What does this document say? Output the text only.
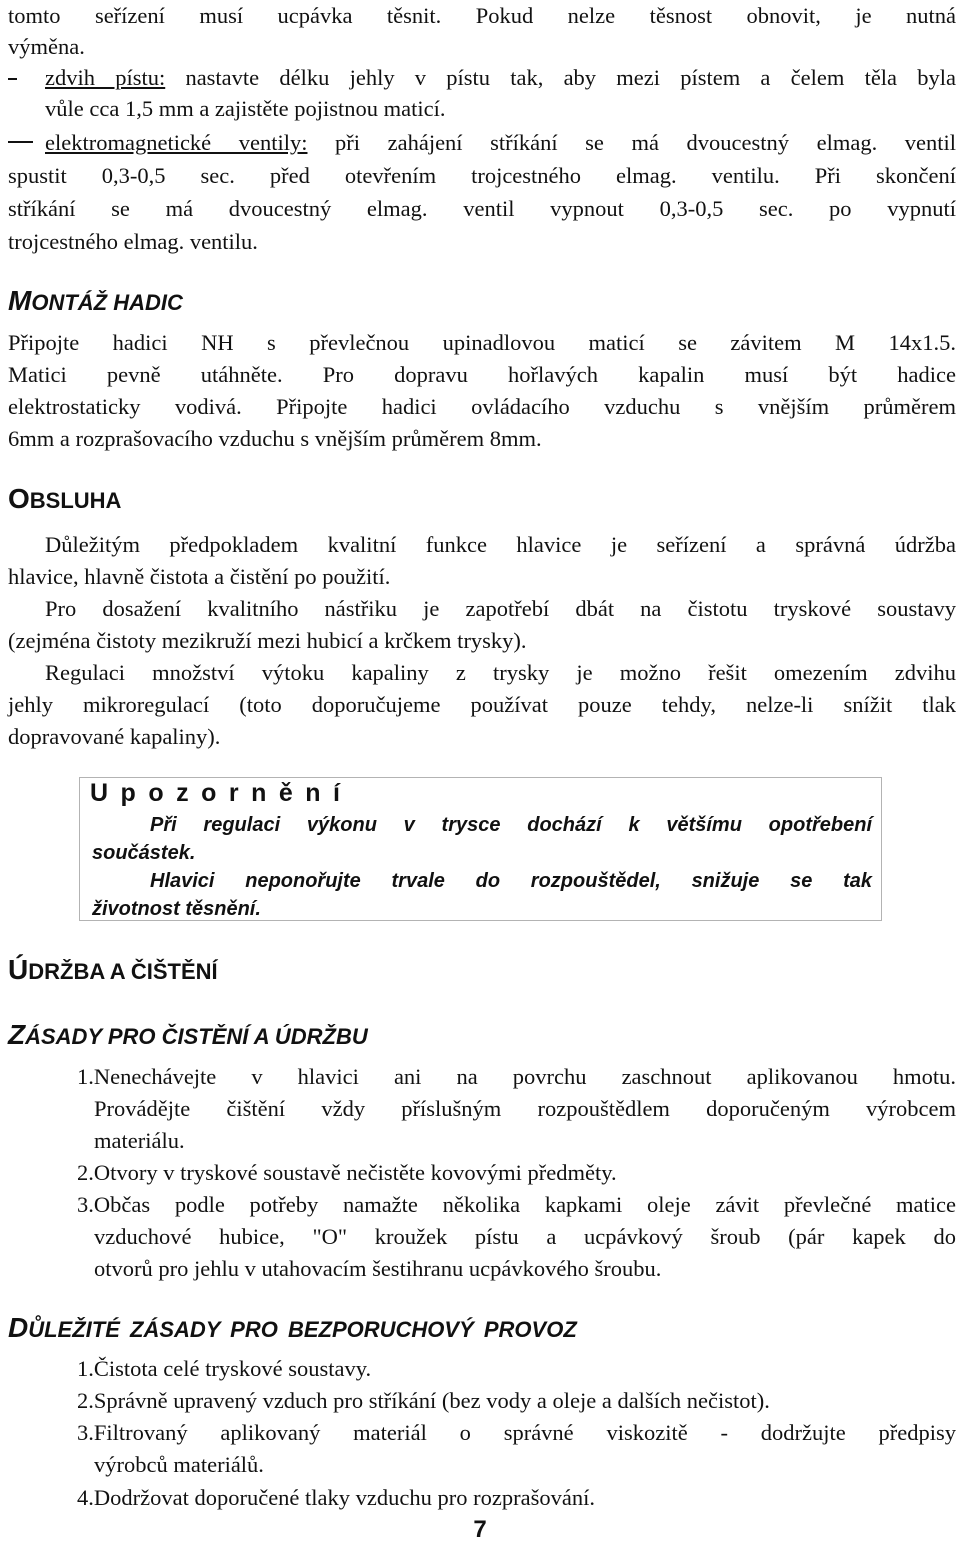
tomto seřízení musí ucpávka těsnit. Pokud nelze těsnost obnovit, je nutná
výměna.
zdvih pístu: nastavte délku jehly v pístu tak, aby mezi pístem a čelem těla byla
vůle cca 1,5 mm a zajistěte pojistnou maticí.
elektromagnetické ventily: při zahájení stříkání se má dvoucestný elmag. ventil
spustit 0,3-0,5 sec. před otevřením trojcestného elmag. ventilu. Při skončení
stříkání se má dvoucestný elmag. ventil vypnout 0,3-0,5 sec. po vypnutí
trojcestného elmag. ventilu.
MONTÁŽ HADIC
Připojte hadici NH s převlečnou upinadlovou maticí se závitem M 14x1.5.
Matici pevně utáhněte. Pro dopravu hořlavých kapalin musí být hadice
elektrostaticky vodivá. Připojte hadici ovládacího vzduchu s vnějším průměrem
6mm a rozprašovacího vzduchu s vnějším průměrem 8mm.
OBSLUHA
Důležitým předpokladem kvalitní funkce hlavice je seřízení a správná údržba
hlavice, hlavně čistota a čistění po použití.
Pro dosažení kvalitního nástřiku je zapotřebí dbát na čistotu tryskové soustavy
(zejména čistoty mezikruží mezi hubicí a krčkem trysky).
Regulaci množství výtoku kapaliny z trysky je možno řešit omezením zdvihu
jehly mikroregulací (toto doporučujeme používat pouze tehdy, nelze-li snížit tlak
dopravované kapaliny).
Upozornění
Při regulaci výkonu v trysce dochází k většímu opotřebení
součástek.
Hlavici neponořujte trvale do rozpouštědel, snižuje se tak
životnost těsnění.
ÚDRŽBA A ČIŠTĚNÍ
ZÁSADY PRO ČISTĚNÍ A ÚDRŽBU
1.Nenechávejte v hlavici ani na povrchu zaschnout aplikovanou hmotu.
Provádějte čištění vždy příslušným rozpouštědlem doporučeným výrobcem
materiálu.
2.Otvory v tryskové soustavě nečistěte kovovými předměty.
3.Občas podle potřeby namažte několika kapkami oleje závit převlečné matice
vzduchové hubice, "O" kroužek pístu a ucpávkový šroub (pár kapek do
otvorů pro jehlu v utahovacím šestihranu ucpávkového šroubu.
DŮLEŽITÉ ZÁSADY PRO BEZPORUCHOVÝ PROVOZ
1.Čistota celé tryskové soustavy.
2.Správně upravený vzduch pro stříkání (bez vody a oleje a dalších nečistot).
3.Filtrovaný aplikovaný materiál o správné viskozitě - dodržujte předpisy
výrobců materiálů.
4.Dodržovat doporučené tlaky vzduchu pro rozprašování.
7
